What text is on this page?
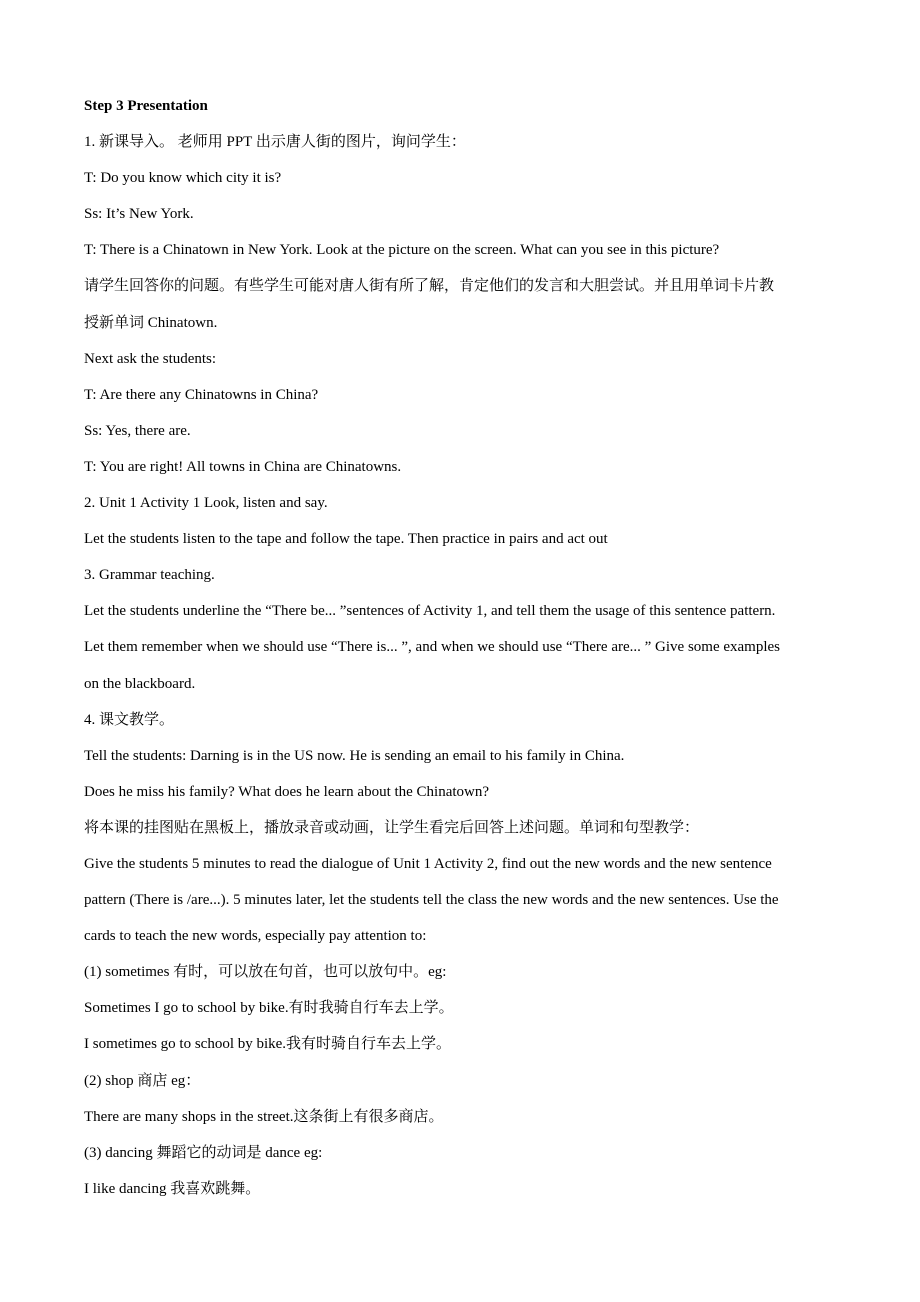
Step 3 Presentation
1. 新课导入。 老师用 PPT 出示唐人街的图片，询问学生：
T: Do you know which city it is?
Ss: It’s New York.
T: There is a Chinatown in New York. Look at the picture on the screen. What can you see in this picture?
请学生回答你的问题。有些学生可能对唐人街有所了解，肯定他们的发言和大胆尝试。并且用单词卡片教
授新单词 Chinatown.
Next ask the students:
T: Are there any Chinatowns in China?
Ss: Yes, there are.
T: You are right! All towns in China are Chinatowns.
2. Unit 1 Activity 1 Look, listen and say.
Let the students listen to the tape and follow the tape. Then practice in pairs and act out
3. Grammar teaching.
Let the students underline the “There be... ”sentences of Activity 1, and tell them the usage of this sentence pattern.
Let them remember when we should use “There is... ”, and when we should use “There are... ” Give some examples
on the blackboard.
4. 课文教学。
Tell the students: Darning is in the US now. He is sending an email to his family in China.
Does he miss his family? What does he learn about the Chinatown?
将本课的挂图贴在黑板上，播放录音或动画，让学生看完后回答上述问题。单词和句型教学：
Give the students 5 minutes to read the dialogue of Unit 1 Activity 2, find out the new words and the new sentence
pattern (There is /are...). 5 minutes later, let the students tell the class the new words and the new sentences. Use the
cards to teach the new words, especially pay attention to:
(1) sometimes 有时，可以放在句首，也可以放句中。eg:
Sometimes I go to school by bike.有时我骑自行车去上学。
I sometimes go to school by bike.我有时骑自行车去上学。
(2) shop 商店 eg：
There are many shops in the street.这条街上有很多商店。
(3) dancing 舞蹈它的动词是 dance eg:
I like dancing 我喜欢跳舞。
